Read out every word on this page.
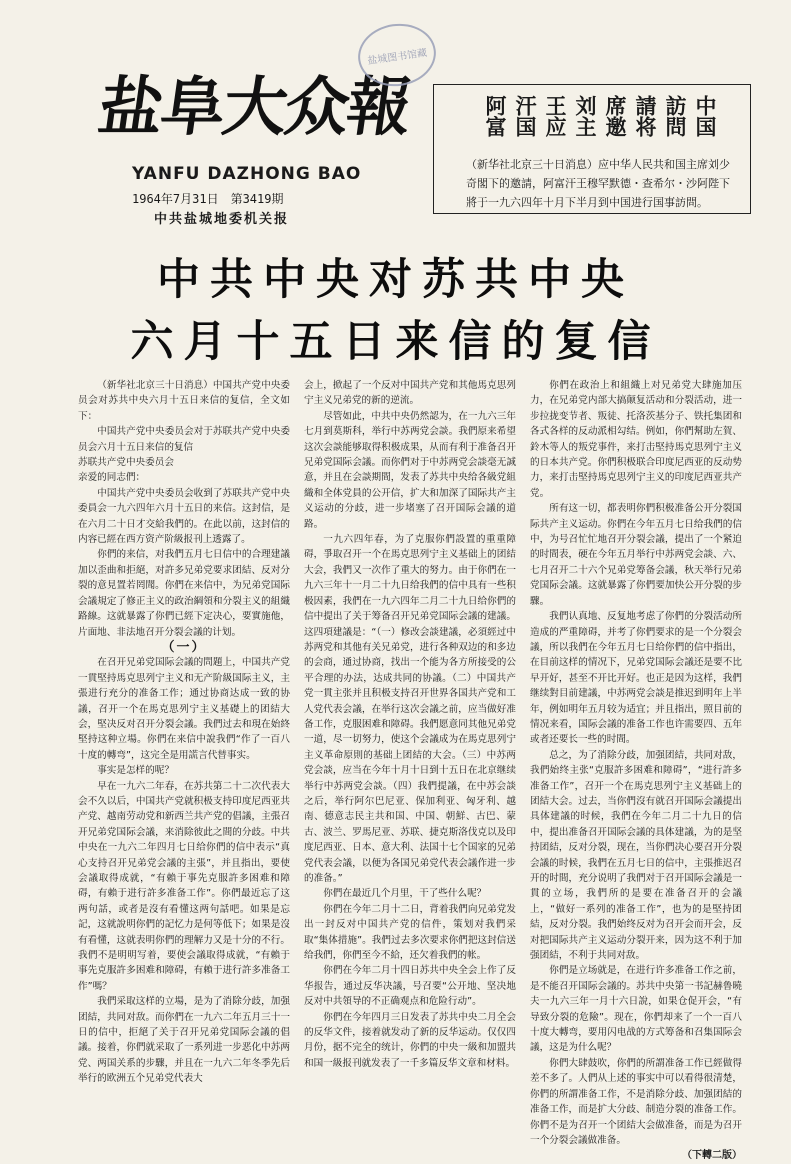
盐阜大众報
YANFU DAZHONG BAO
1964年7月31日　第3419期
中共盐城地委机关报
盐城图书馆藏
阿富 汗国 王应 刘主 席邀 請将 訪問 中国
（新华社北京三十日消息）应中华人民共和国主席刘少奇閣下的邀請，阿富汗王穆罕默德・查希尔・沙阿陛下將于一九六四年十月下半月到中国进行国事訪問。
中共中央对苏共中央
六月十五日来信的复信

（新华社北京三十日消息）中国共产党中央委员会对苏共中央六月十五日来信的复信，全文如下：

中国共产党中央委员会对于苏联共产党中央委员会六月十五日来信的复信

苏联共产党中央委员会

亲爱的同志們：

中国共产党中央委员会收到了苏联共产党中央委員会一九六四年六月十五日的来信。这封信，是在六月二十日才交給我們的。在此以前，这封信的内容已經在西方资产阶級报刊上透露了。

你們的来信，对我們五月七日信中的合理建議加以歪曲和拒絕，对許多兄弟党要求团結、反对分裂的意見置若罔聞。你們在来信中，为兄弟党国际会議規定了修正主义的政治綱領和分裂主义的組織路線。这就暴露了你們已經下定决心，要實施他，片面地、非法地召开分裂会議的计划。

（一）

在召开兄弟党国际会議的問題上，中国共产党一貫堅持馬克思列宁主义和无产阶級国际主义，主張进行充分的准备工作；通过协商达成一致的协議，召开一个在馬克思列宁主义基礎上的团結大会，堅决反对召开分裂会議。我們过去和現在始終堅持这种立場。你們在来信中說我們“作了一百八十度的轉弯”，这完全是用謊言代替事实。

事实是怎样的呢？

早在一九六二年春，在苏共第二十二次代表大会不久以后，中国共产党就积极支持印度尼西亚共产党、越南劳动党和新西兰共产党的倡議，主張召开兄弟党国际会議，来消除彼此之間的分歧。中共中央在一九六二年四月七日给你們的信中表示“真心支持召开兄弟党会議的主張”，并且指出，要使会議取得成就，“有賴于事先克服許多困难和障碍，有賴于进行許多准备工作”。你們最近忘了这两句話，或者是沒有看懂这两句話吧。如果是忘記，这就說明你們的記忆力是何等低下；如果是沒有看懂，这就表明你們的理解力又是十分的不行。我們不是明明写着，要使会議取得成就，“有賴于事先克服許多困难和障碍，有賴于进行許多准备工作”嗎？

我們采取这样的立場，是为了消除分歧，加强团結，共同对敌。而你們在一九六二年五月三十一日的信中，拒絕了关于召开兄弟党国际会議的倡議。接着，你們就采取了一系列进一步恶化中苏两党、两国关系的步驟，并且在一九六二年冬季先后举行的欧洲五个兄弟党代表大

会上，掀起了一个反对中国共产党和其他馬克思列宁主义兄弟党的新的逆流。

尽管如此，中共中央仍然認为，在一九六三年七月到莫斯科，举行中苏两党会談。我們原来希望这次会談能够取得积极成果，从而有利于准备召开兄弟党国际会議。而你們对于中苏两党会談毫无誠意，并且在会談期間，发表了苏共中央给各級党組織和全体党員的公开信，扩大和加深了国际共产主义运动的分歧，进一步堵塞了召开国际会議的道路。

一九六四年春，为了克服你們設置的重重障碍，爭取召开一个在馬克思列宁主义基础上的团結大会，我們又一次作了重大的努力。由于你們在一九六三年十一月二十九日给我們的信中具有一些积极因素，我們在一九六四年二月二十九日给你們的信中提出了关于筹备召开兄弟党国际会議的建議。这四項建議是：“（一）修改会談建議，必須經过中苏两党和其他有关兄弟党，进行各种双边的和多边的会商，通过协商，找出一个能为各方所接受的公平合理的办法，达成共同的协議。（二）中国共产党一貫主张并且积极支持召开世界各国共产党和工人党代表会議，在举行这次会議之前，应当做好准备工作，克服困难和障碍。我們愿意同其他兄弟党一道，尽一切努力，使这个会議成为在馬克思列宁主义革命原則的基础上团結的大会。（三）中苏两党会談，应当在今年十月十日到十五日在北京继续举行中苏两党会談。（四）我們提議，在中苏会談之后，举行阿尔巴尼亚、保加利亚、匈牙利、越南、德意志民主共和国、中国、朝鮮、古巴、蒙古、波兰、罗馬尼亚、苏联、捷克斯洛伐克以及印度尼西亚、日本、意大利、法国十七个国家的兄弟党代表会議，以便为各国兄弟党代表会議作进一步的准备。”

你們在最近几个月里，干了些什么呢？

你們在今年二月十二日，背着我們向兄弟党发出一封反对中国共产党的信件，策划对我們采取“集体措施”。我們过去多次要求你們把这封信送给我們，你們至今不給，还欠着我們的帐。

你們在今年二月十四日苏共中央全会上作了反华报告，通过反华决議，号召要“公开地、坚决地反对中共領导的不正确观点和危险行动”。

你們在今年四月三日发表了苏共中央二月全会的反华文件，接着就发动了新的反华运动。仅仅四月份，据不完全的统计，你們的中央一級和加盟共和国一級报刊就发表了一千多篇反华文章和材料。

你們在政治上和組織上对兄弟党大肆施加压力，在兄弟党内部大搞颠复活动和分裂活动，进一步拉拢变节者、叛徒、托洛茨基分子、铁托集团和各式各样的反动派相勾结。例如，你們幫助左賀、鈴木等人的叛党事件，来打击堅持馬克思列宁主义的日本共产党。你們积极联合印度尼西亚的反动势力，来打击堅持馬克思列宁主义的印度尼西亚共产党。

所有这一切，都表明你們积极准备公开分裂国际共产主义运动。你們在今年五月七日给我們的信中，为号召忙忙地召开分裂会議，提出了一个紧迫的时間表，硬在今年五月举行中苏两党会談、六、七月召开二十六个兄弟党筹备会議，秋天举行兄弟党国际会議。这就暴露了你們要加快公开分裂的步驟。

我們认真地、反复地考虑了你們的分裂活动所造成的严重障碍，并考了你們要求的是一个分裂会議，所以我們在今年五月七日给你們的信中指出，在目前这样的情况下，兄弟党国际会議还是要不比早开好，甚至不开比开好。也正是因为这样，我們继续對目前建議，中苏两党会談是推迟到明年上半年，例如明年五月较为适宜；并且指出，照目前的情况来看，国际会議的准备工作也许需要四、五年或者还要长一些的时間。

总之，为了消除分歧，加强团結，共同对敌，我們始终主张“克服許多困难和障碍”，“进行許多准备工作”，召开一个在馬克思列宁主义基础上的团結大会。过去，当你們沒有就召开国际会議提出具体建議的时候，我們在今年二月二十九日的信中，提出准备召开国际会議的具体建議，为的是坚持团結，反对分裂，现在，当你們决心要召开分裂会議的时候，我們在五月七日的信中，主張推迟召开的时間，充分说明了我們对于召开国际会議是一貫的立场，我們所的是要在准备召开的会議上，“做好一系列的准备工作”，也为的是堅持团結，反对分裂。我們始终反对为召开会而开会，反对把国际共产主义运动分裂开来，因为这不利于加强团結，不利于共同对敌。

你們是立场就是，在进行许多准备工作之前，是不能召开国际会議的。苏共中央第一书記赫鲁曉夫一九六三年一月十六日說，如果仓促开会，“有导致分裂的危險”。现在，你們却来了一个一百八十度大轉弯，要用闪电战的方式筹备和召集国际会議，这是为什么呢？

你們大肆鼓吹，你們的所謂准备工作已經做得差不多了。人們从上述的事实中可以看得很清楚，你們的所謂准备工作，不是消除分歧、加强团結的准备工作，而是扩大分歧、制造分裂的准备工作。你們不是为召开一个团結大会做准备，而是为召开一个分裂会議做准备。

（下轉二版）
